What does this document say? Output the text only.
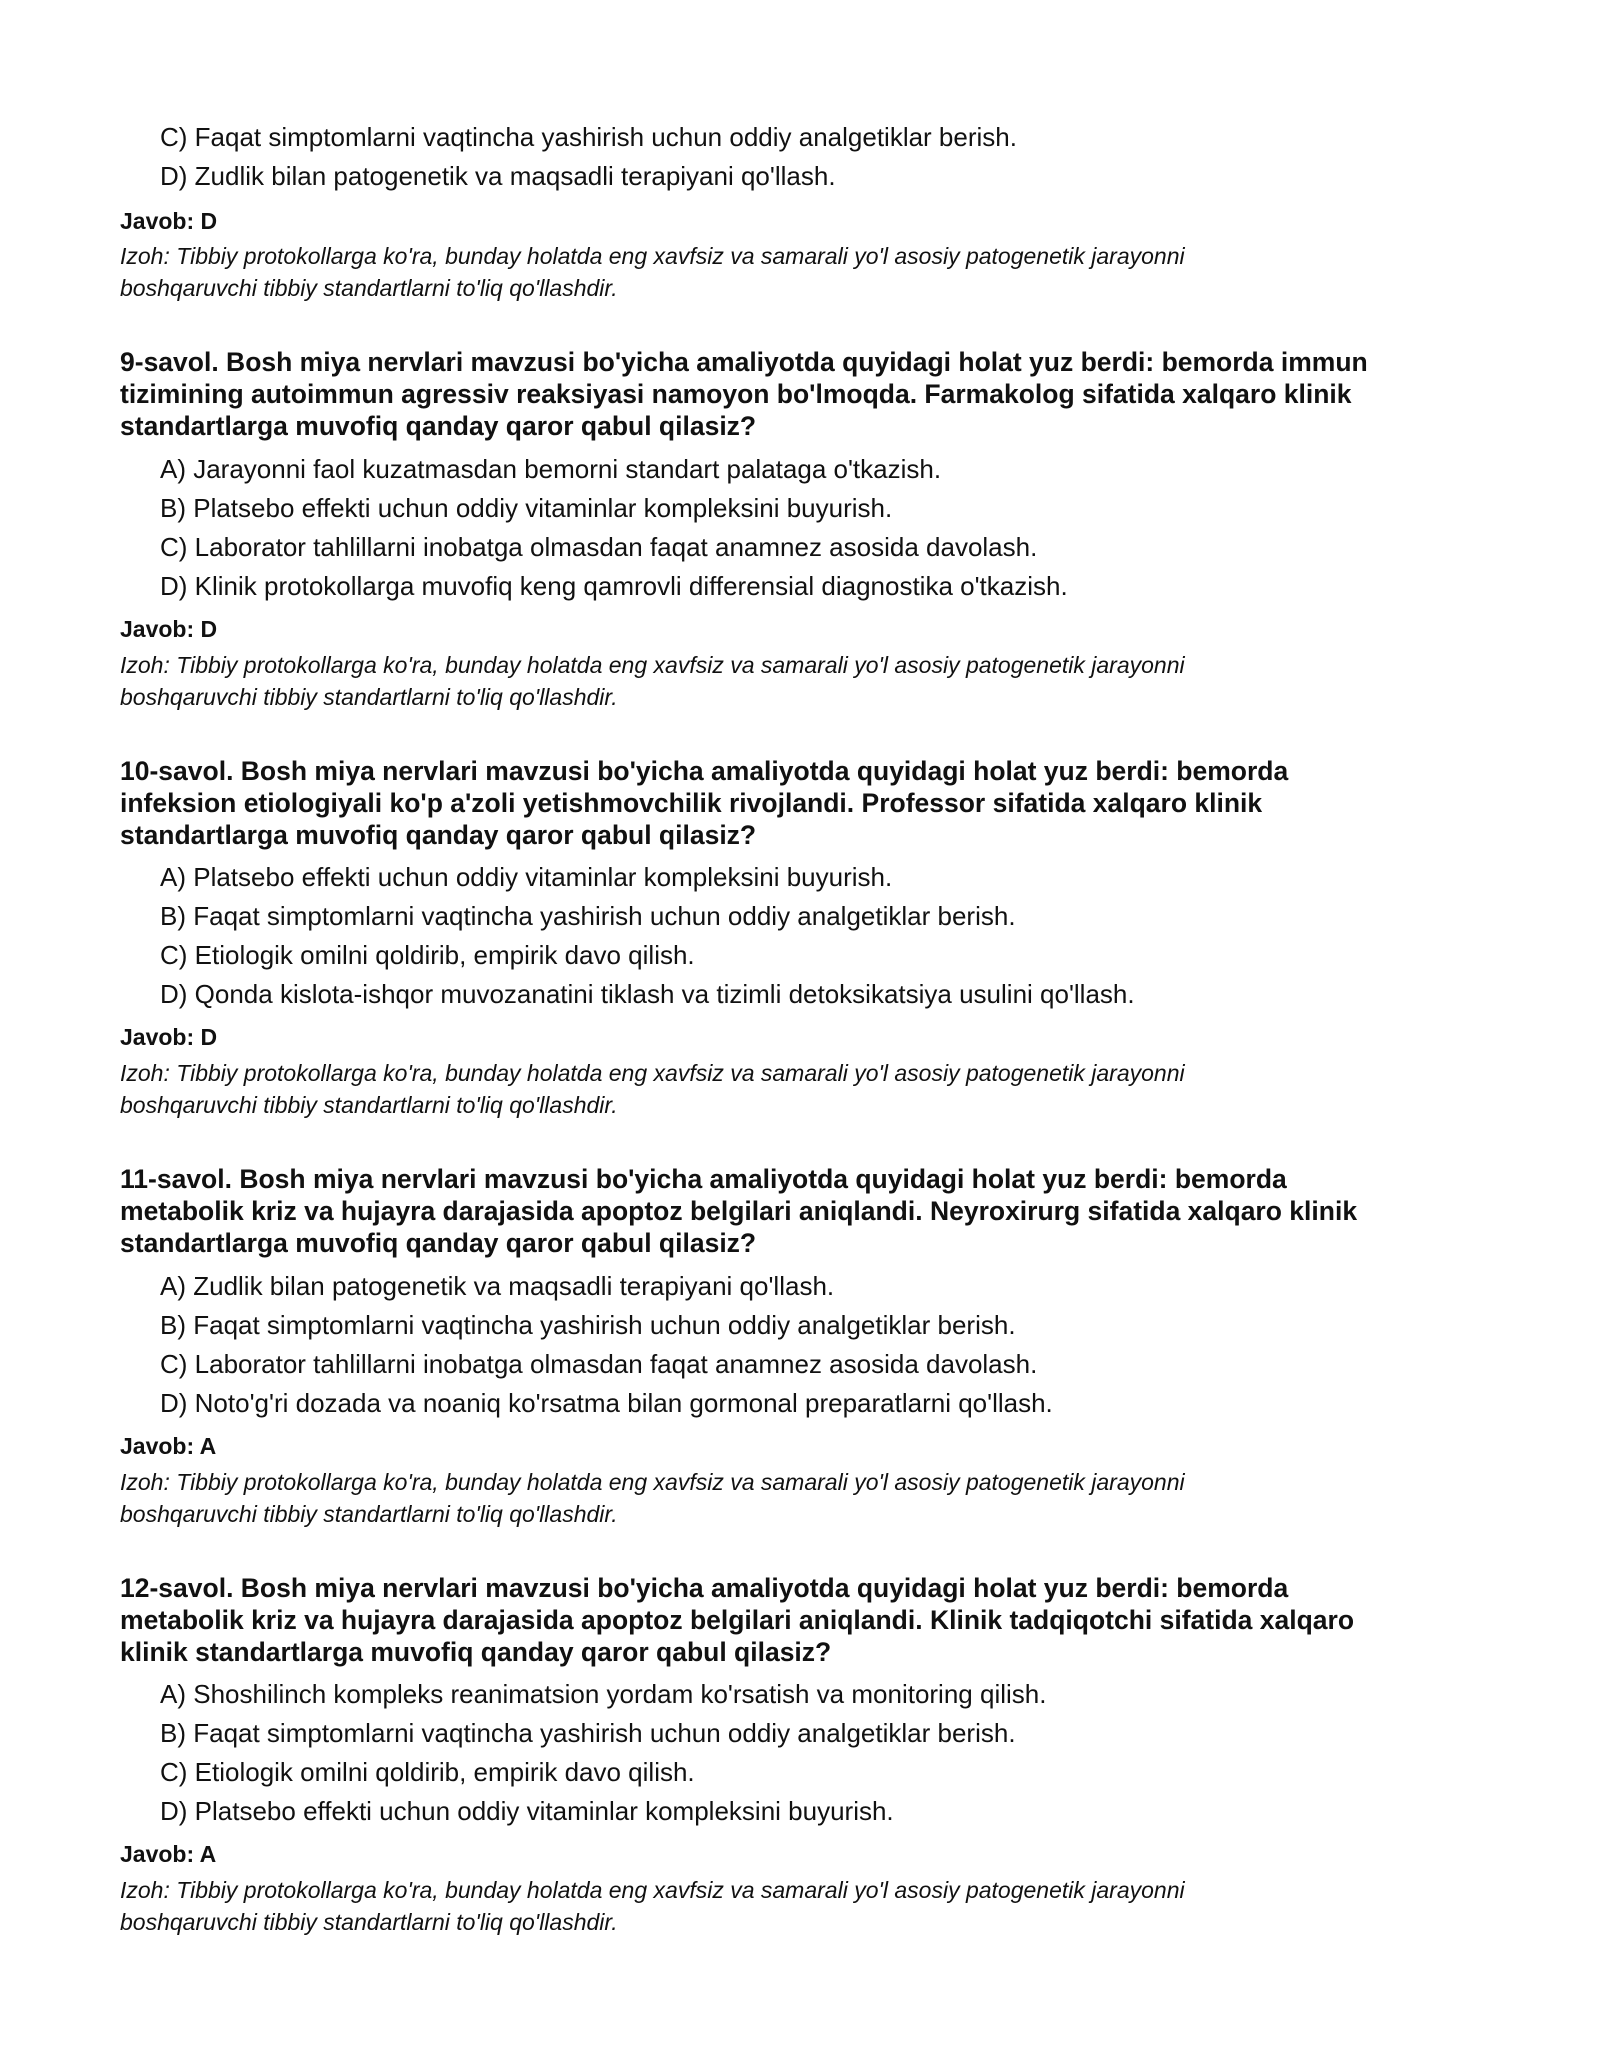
C) Faqat simptomlarni vaqtincha yashirish uchun oddiy analgetiklar berish.
D) Zudlik bilan patogenetik va maqsadli terapiyani qo'llash.
Javob: D
Izoh: Tibbiy protokollarga ko'ra, bunday holatda eng xavfsiz va samarali yo'l asosiy patogenetik jarayonni
boshqaruvchi tibbiy standartlarni to'liq qo'llashdir.
9-savol. Bosh miya nervlari mavzusi bo'yicha amaliyotda quyidagi holat yuz berdi: bemorda immun
tizimining autoimmun agressiv reaksiyasi namoyon bo'lmoqda. Farmakolog sifatida xalqaro klinik
standartlarga muvofiq qanday qaror qabul qilasiz?
A) Jarayonni faol kuzatmasdan bemorni standart palataga o'tkazish.
B) Platsebo effekti uchun oddiy vitaminlar kompleksini buyurish.
C) Laborator tahlillarni inobatga olmasdan faqat anamnez asosida davolash.
D) Klinik protokollarga muvofiq keng qamrovli differensial diagnostika o'tkazish.
Javob: D
Izoh: Tibbiy protokollarga ko'ra, bunday holatda eng xavfsiz va samarali yo'l asosiy patogenetik jarayonni
boshqaruvchi tibbiy standartlarni to'liq qo'llashdir.
10-savol. Bosh miya nervlari mavzusi bo'yicha amaliyotda quyidagi holat yuz berdi: bemorda
infeksion etiologiyali ko'p a'zoli yetishmovchilik rivojlandi. Professor sifatida xalqaro klinik
standartlarga muvofiq qanday qaror qabul qilasiz?
A) Platsebo effekti uchun oddiy vitaminlar kompleksini buyurish.
B) Faqat simptomlarni vaqtincha yashirish uchun oddiy analgetiklar berish.
C) Etiologik omilni qoldirib, empirik davo qilish.
D) Qonda kislota-ishqor muvozanatini tiklash va tizimli detoksikatsiya usulini qo'llash.
Javob: D
Izoh: Tibbiy protokollarga ko'ra, bunday holatda eng xavfsiz va samarali yo'l asosiy patogenetik jarayonni
boshqaruvchi tibbiy standartlarni to'liq qo'llashdir.
11-savol. Bosh miya nervlari mavzusi bo'yicha amaliyotda quyidagi holat yuz berdi: bemorda
metabolik kriz va hujayra darajasida apoptoz belgilari aniqlandi. Neyroxirurg sifatida xalqaro klinik
standartlarga muvofiq qanday qaror qabul qilasiz?
A) Zudlik bilan patogenetik va maqsadli terapiyani qo'llash.
B) Faqat simptomlarni vaqtincha yashirish uchun oddiy analgetiklar berish.
C) Laborator tahlillarni inobatga olmasdan faqat anamnez asosida davolash.
D) Noto'g'ri dozada va noaniq ko'rsatma bilan gormonal preparatlarni qo'llash.
Javob: A
Izoh: Tibbiy protokollarga ko'ra, bunday holatda eng xavfsiz va samarali yo'l asosiy patogenetik jarayonni
boshqaruvchi tibbiy standartlarni to'liq qo'llashdir.
12-savol. Bosh miya nervlari mavzusi bo'yicha amaliyotda quyidagi holat yuz berdi: bemorda
metabolik kriz va hujayra darajasida apoptoz belgilari aniqlandi. Klinik tadqiqotchi sifatida xalqaro
klinik standartlarga muvofiq qanday qaror qabul qilasiz?
A) Shoshilinch kompleks reanimatsion yordam ko'rsatish va monitoring qilish.
B) Faqat simptomlarni vaqtincha yashirish uchun oddiy analgetiklar berish.
C) Etiologik omilni qoldirib, empirik davo qilish.
D) Platsebo effekti uchun oddiy vitaminlar kompleksini buyurish.
Javob: A
Izoh: Tibbiy protokollarga ko'ra, bunday holatda eng xavfsiz va samarali yo'l asosiy patogenetik jarayonni
boshqaruvchi tibbiy standartlarni to'liq qo'llashdir.
